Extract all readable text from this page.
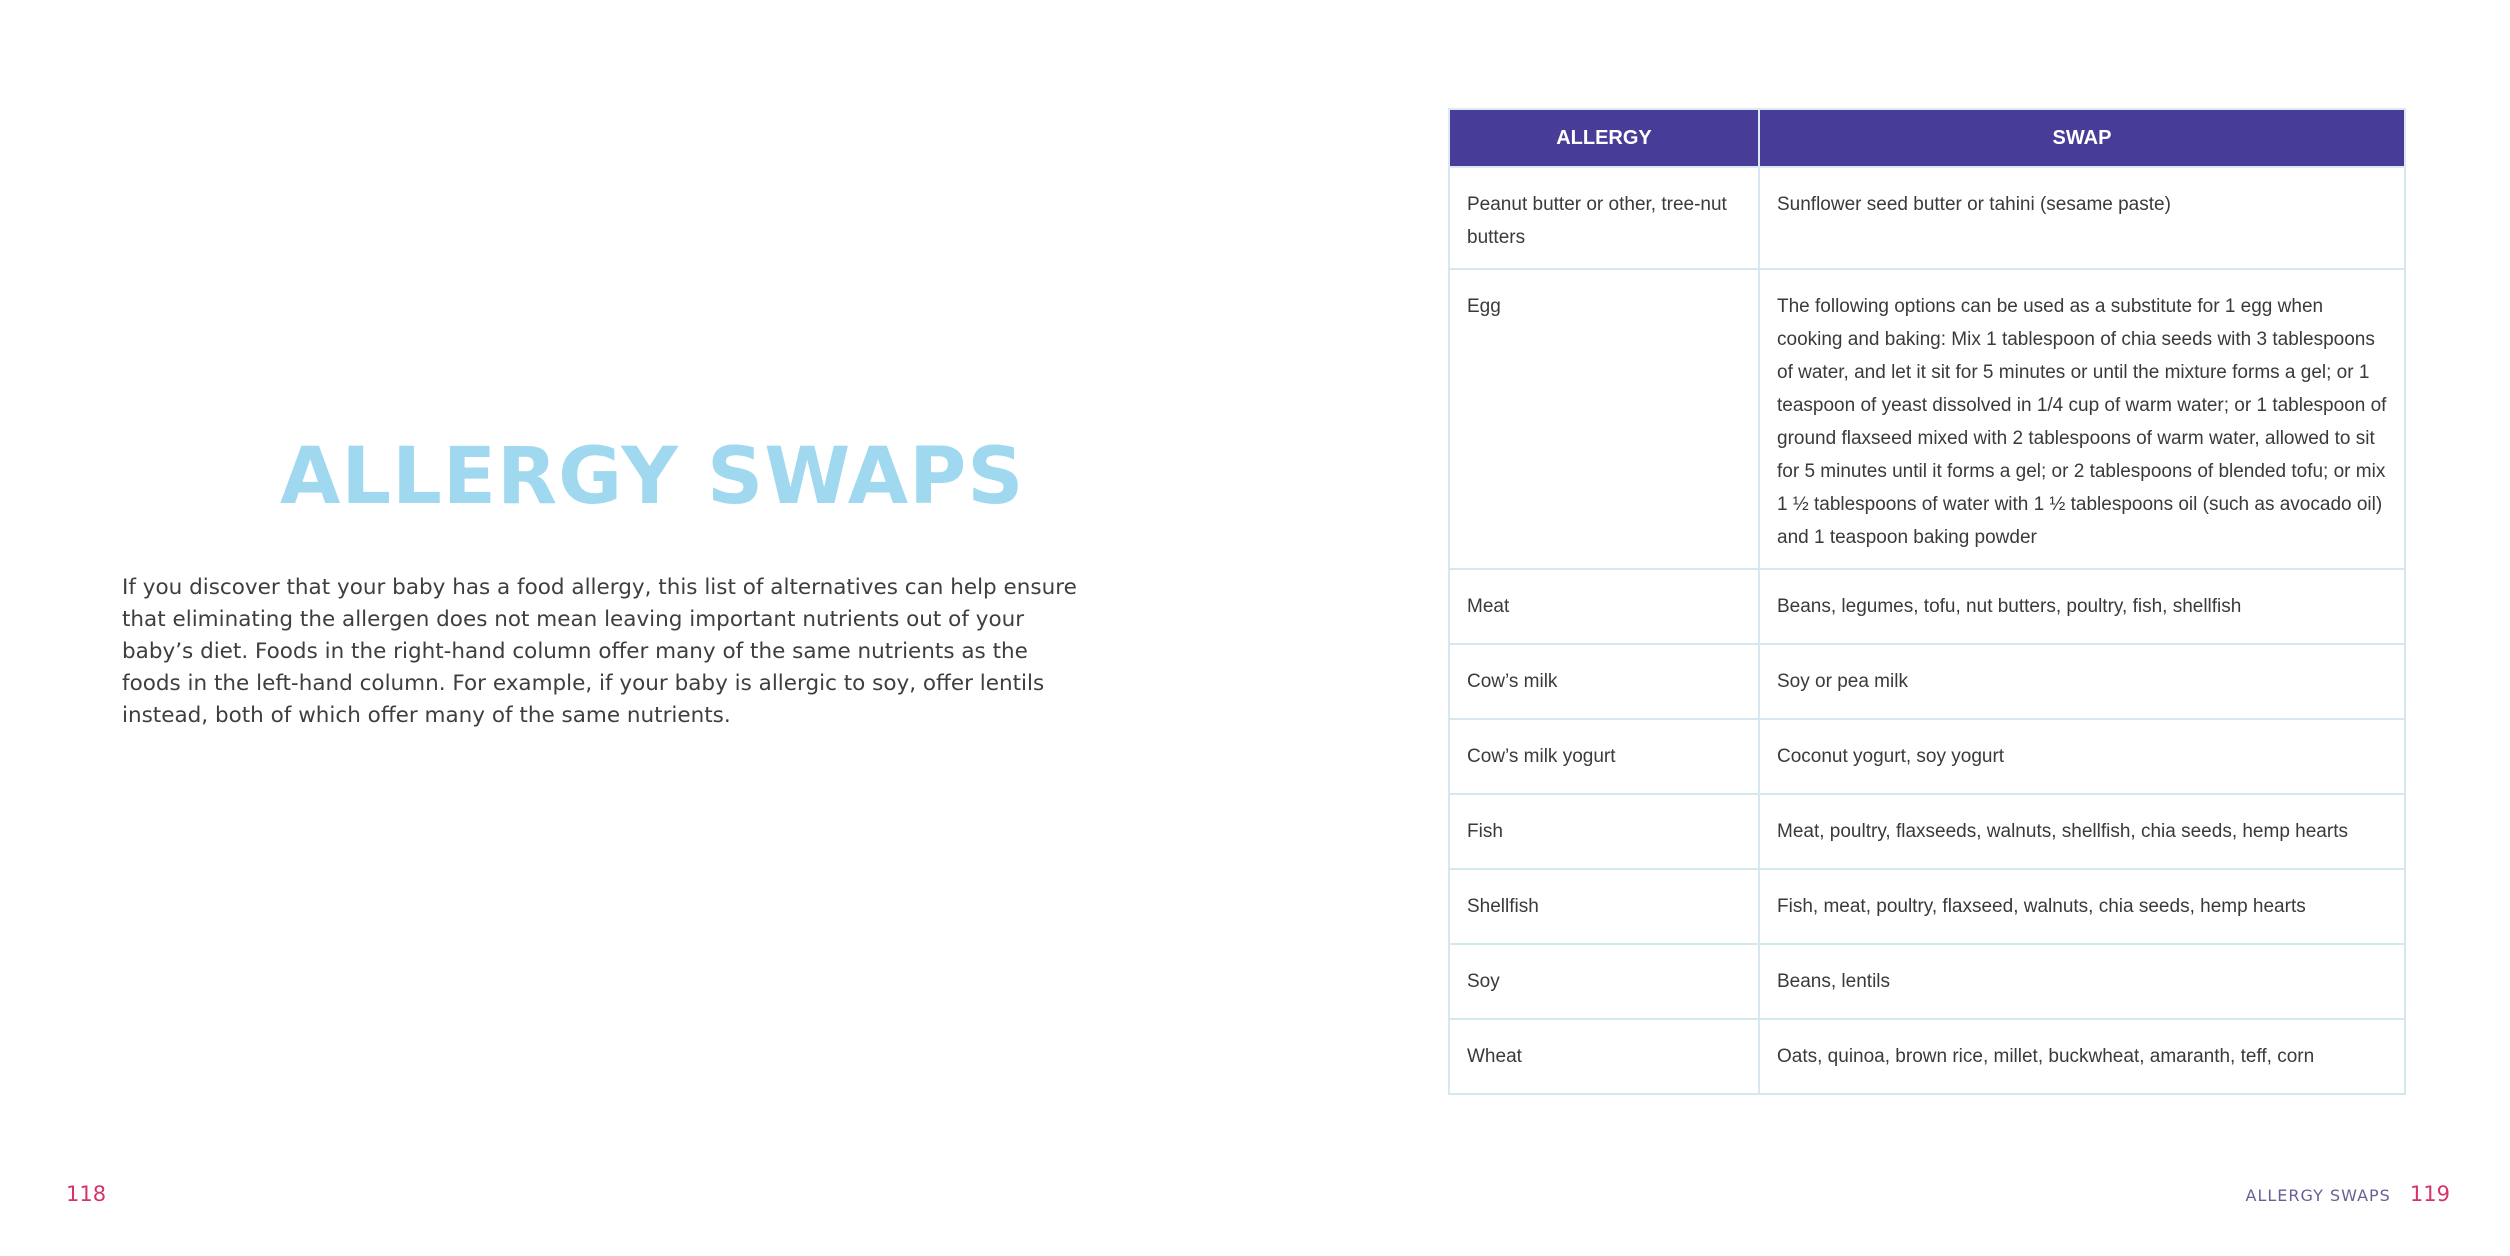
ALLERGY SWAPS

If you discover that your baby has a food allergy, this list of alternatives can help ensure that eliminating the allergen does not mean leaving important nutrients out of your baby’s diet. Foods in the right-hand column offer many of the same nutrients as the foods in the left-hand column. For example, if your baby is allergic to soy, offer lentils instead, both of which offer many of the same nutrients.

ALLERGY	SWAP
Peanut butter or other, tree-nut butters	Sunflower seed butter or tahini (sesame paste)
Egg	The following options can be used as a substitute for 1 egg when cooking and baking: Mix 1 tablespoon of chia seeds with 3 tablespoons of water, and let it sit for 5 minutes or until the mixture forms a gel; or 1 teaspoon of yeast dissolved in 1/4 cup of warm water; or 1 tablespoon of ground flaxseed mixed with 2 tablespoons of warm water, allowed to sit for 5 minutes until it forms a gel; or 2 tablespoons of blended tofu; or mix 1 ½ tablespoons of water with 1 ½ tablespoons oil (such as avocado oil) and 1 teaspoon baking powder
Meat	Beans, legumes, tofu, nut butters, poultry, fish, shellfish
Cow’s milk	Soy or pea milk
Cow’s milk yogurt	Coconut yogurt, soy yogurt
Fish	Meat, poultry, flaxseeds, walnuts, shellfish, chia seeds, hemp hearts
Shellfish	Fish, meat, poultry, flaxseed, walnuts, chia seeds, hemp hearts
Soy	Beans, lentils
Wheat	Oats, quinoa, brown rice, millet, buckwheat, amaranth, teff, corn
118	ALLERGY SWAPS 119
